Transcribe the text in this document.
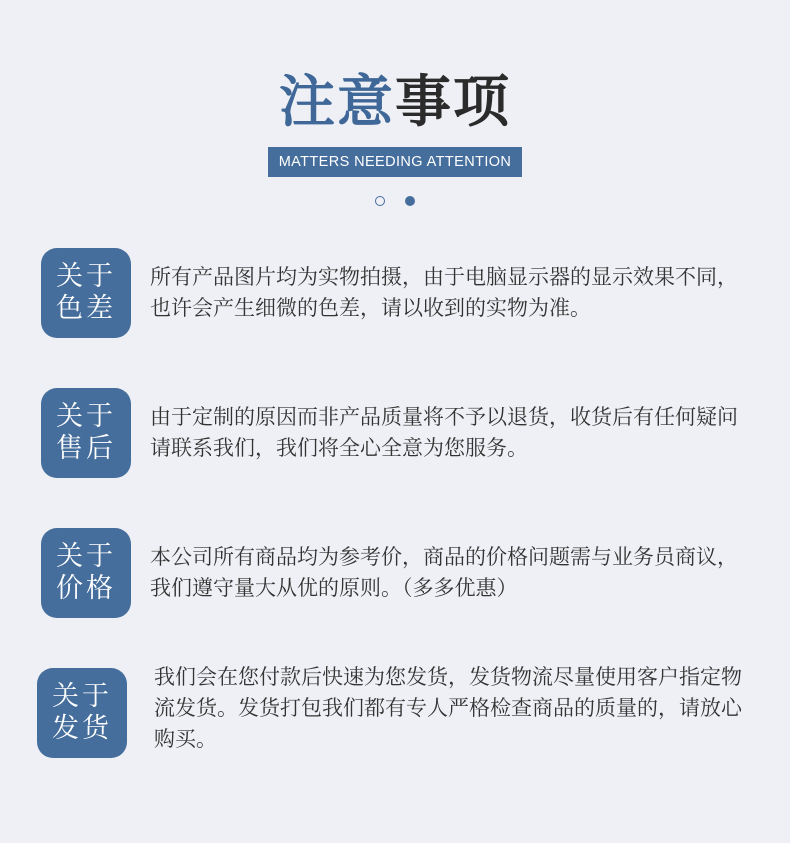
注意事项
MATTERS NEEDING ATTENTION
关于
色差

所有产品图片均为实物拍摄，由于电脑显示器的显示效果不同，也许会产生细微的色差，请以收到的实物为准。

关于
售后

由于定制的原因而非产品质量将不予以退货，收货后有任何疑问请联系我们，我们将全心全意为您服务。

关于
价格

本公司所有商品均为参考价，商品的价格问题需与业务员商议，我们遵守量大从优的原则。（多多优惠）

关于
发货

我们会在您付款后快速为您发货，发货物流尽量使用客户指定物流发货。发货打包我们都有专人严格检查商品的质量的，请放心购买。
